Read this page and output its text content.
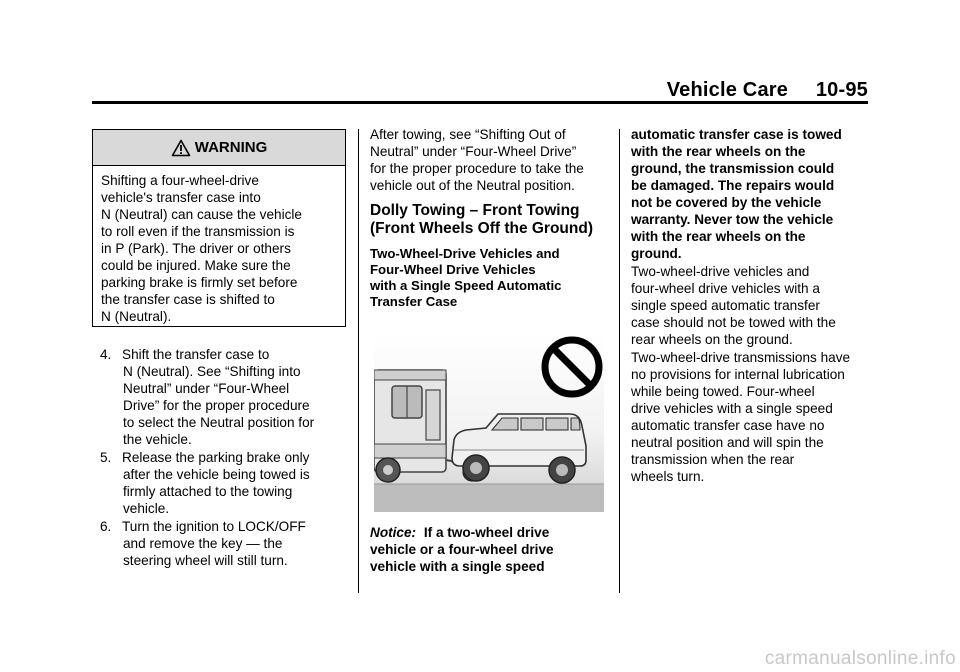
Vehicle Care 10-95
WARNING
Shifting a four-wheel-drive
vehicle's transfer case into
N (Neutral) can cause the vehicle
to roll even if the transmission is
in P (Park). The driver or others
could be injured. Make sure the
parking brake is firmly set before
the transfer case is shifted to
N (Neutral).
4. Shift the transfer case to
N (Neutral). See “Shifting into
Neutral” under “Four-Wheel
Drive” for the proper procedure
to select the Neutral position for
the vehicle.
5. Release the parking brake only
after the vehicle being towed is
firmly attached to the towing
vehicle.
6. Turn the ignition to LOCK/OFF
and remove the key — the
steering wheel will still turn.
After towing, see “Shifting Out of
Neutral” under “Four-Wheel Drive”
for the proper procedure to take the
vehicle out of the Neutral position.
Dolly Towing – Front Towing
(Front Wheels Off the Ground)
Two-Wheel-Drive Vehicles and
Four-Wheel Drive Vehicles
with a Single Speed Automatic
Transfer Case
Notice: If a two-wheel drive
vehicle or a four-wheel drive
vehicle with a single speed
automatic transfer case is towed
with the rear wheels on the
ground, the transmission could
be damaged. The repairs would
not be covered by the vehicle
warranty. Never tow the vehicle
with the rear wheels on the
ground.
Two-wheel-drive vehicles and
four-wheel drive vehicles with a
single speed automatic transfer
case should not be towed with the
rear wheels on the ground.
Two-wheel-drive transmissions have
no provisions for internal lubrication
while being towed. Four-wheel
drive vehicles with a single speed
automatic transfer case have no
neutral position and will spin the
transmission when the rear
wheels turn.
carmanualsonline.info
